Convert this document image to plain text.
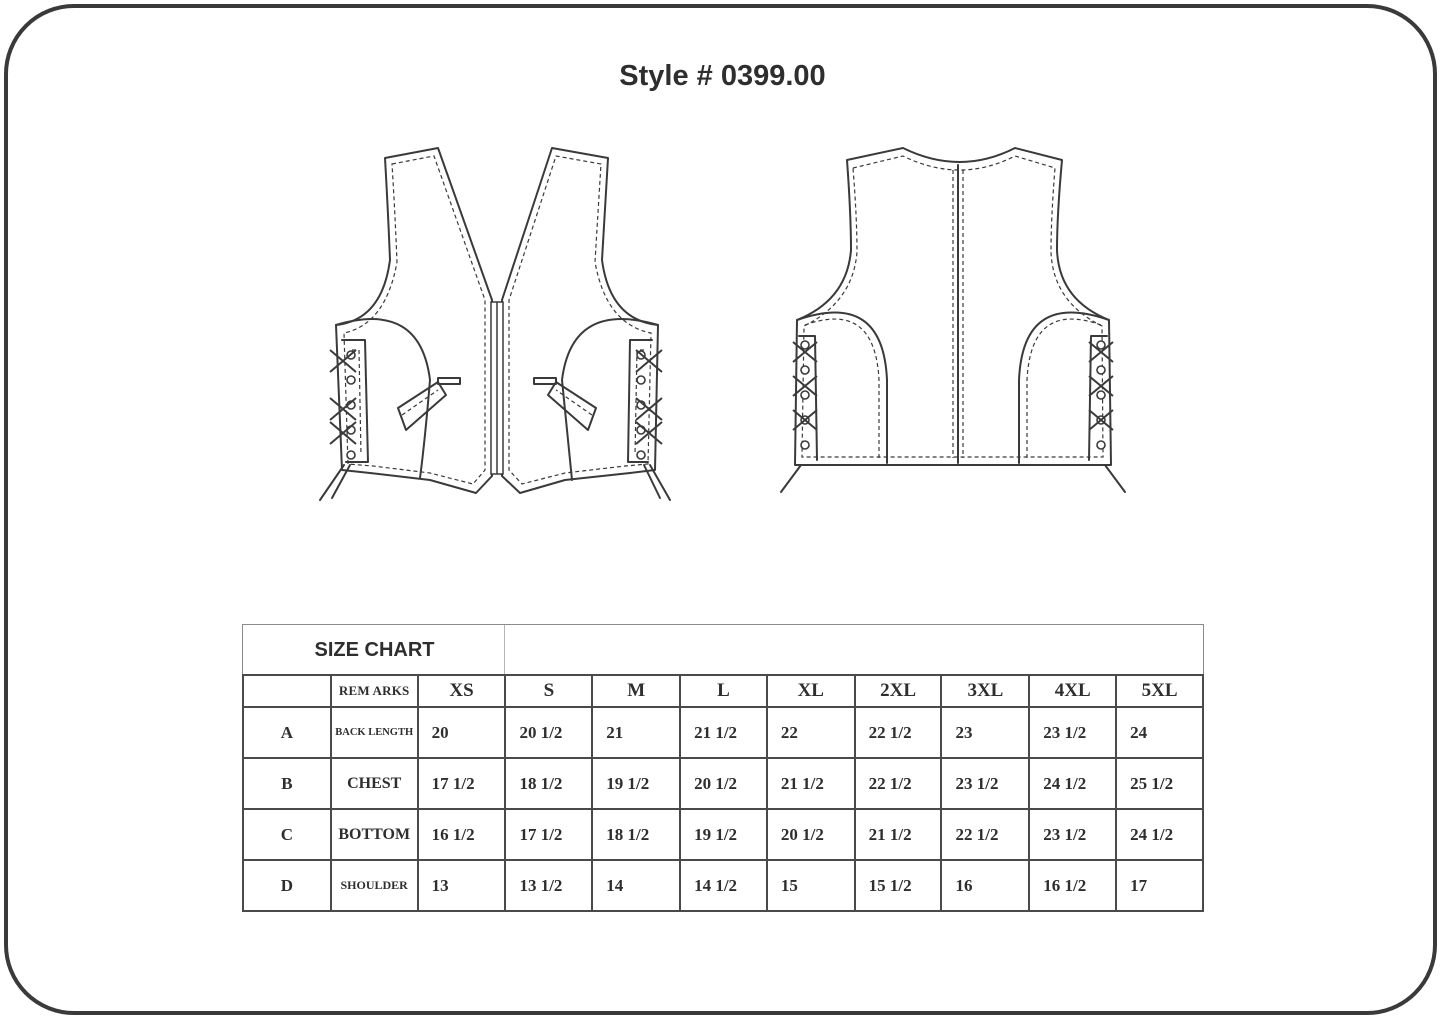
Style # 0399.00
SIZE CHART
	REM ARKS	XS	S	M	L	XL	2XL	3XL	4XL	5XL
A	BACK LENGTH	20	20 1/2	21	21 1/2	22	22 1/2	23	23 1/2	24
B	CHEST	17 1/2	18 1/2	19 1/2	20 1/2	21 1/2	22 1/2	23 1/2	24 1/2	25 1/2
C	BOTTOM	16 1/2	17 1/2	18 1/2	19 1/2	20 1/2	21 1/2	22 1/2	23 1/2	24 1/2
D	SHOULDER	13	13 1/2	14	14 1/2	15	15 1/2	16	16 1/2	17
